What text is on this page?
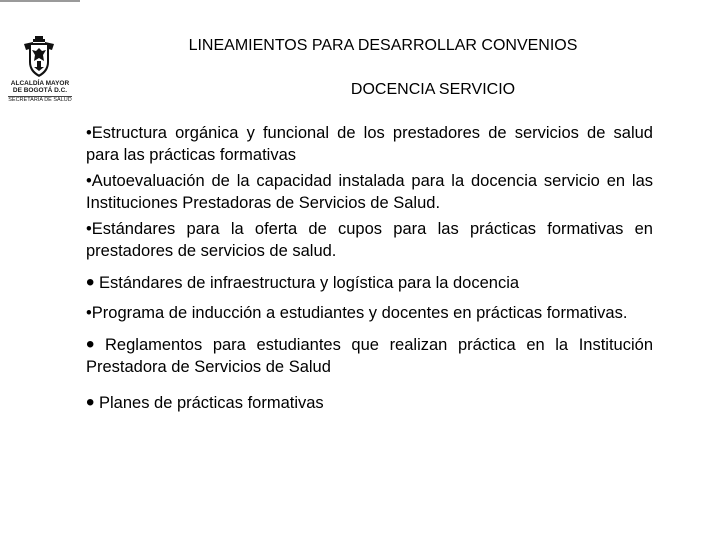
ALCALDÍA MAYOR
DE BOGOTÁ D.C.
SECRETARÍA DE SALUD
LINEAMIENTOS PARA DESARROLLAR CONVENIOS
DOCENCIA SERVICIO
•Estructura orgánica y funcional de los prestadores de servicios de salud para las prácticas formativas
•Autoevaluación de la capacidad instalada para la docencia servicio en las Instituciones Prestadoras de Servicios de Salud.
•Estándares para la oferta de cupos para las prácticas formativas en prestadores de servicios de salud.
• Estándares de infraestructura y logística para la docencia
•Programa de inducción a estudiantes y docentes en prácticas formativas.
• Reglamentos para estudiantes que realizan práctica en la Institución Prestadora de Servicios de Salud
• Planes de prácticas formativas
